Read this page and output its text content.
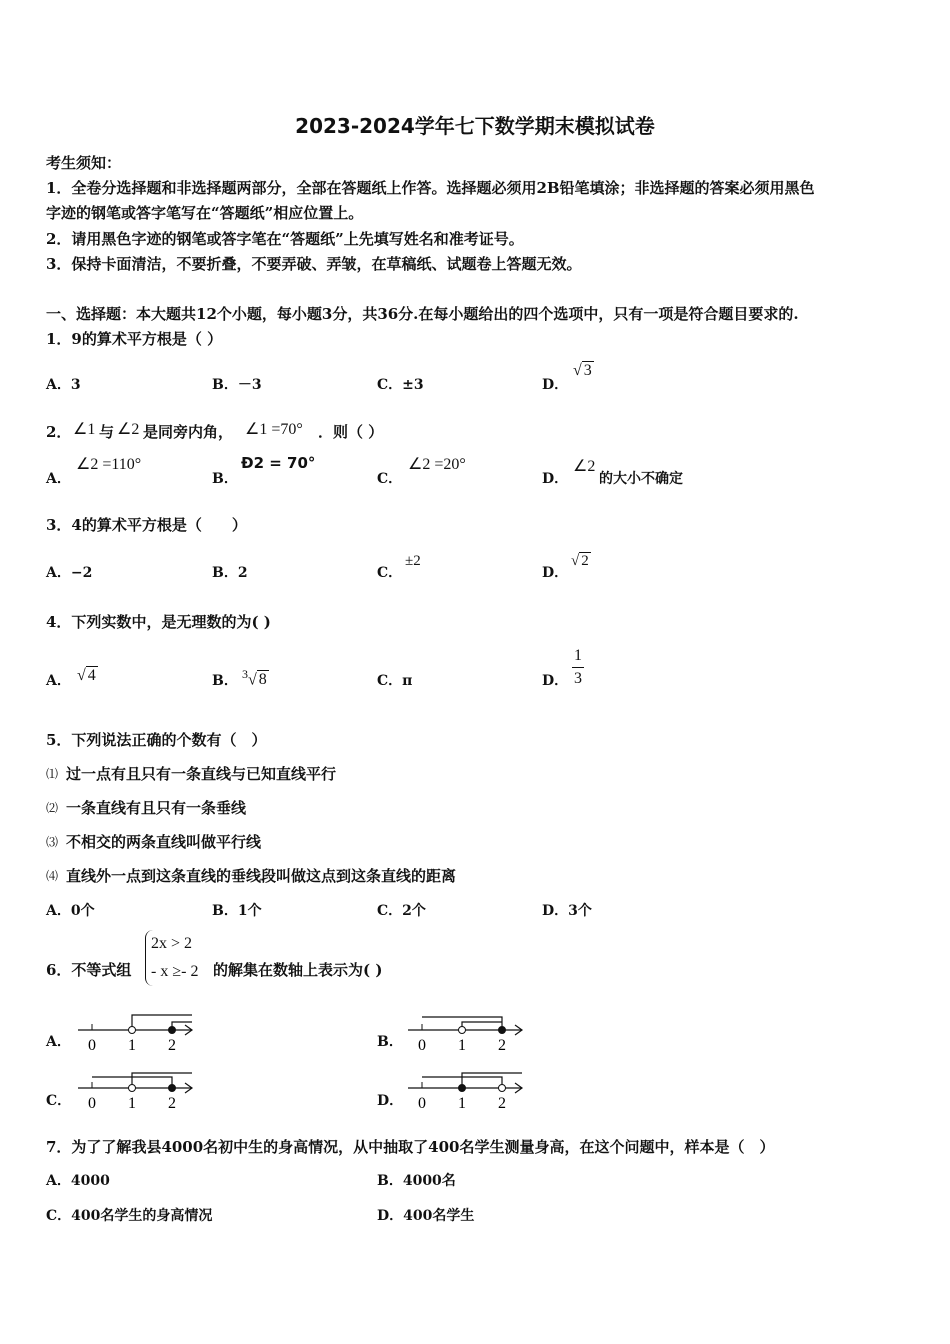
2023-2024学年七下数学期末模拟试卷
考生须知：
1．全卷分选择题和非选择题两部分，全部在答题纸上作答。选择题必须用2B铅笔填涂；非选择题的答案必须用黑色
字迹的钢笔或答字笔写在“答题纸”相应位置上。
2．请用黑色字迹的钢笔或答字笔在“答题纸”上先填写姓名和准考证号。
3．保持卡面清洁，不要折叠，不要弄破、弄皱，在草稿纸、试题卷上答题无效。
一、选择题：本大题共12个小题，每小题3分，共36分.在每小题给出的四个选项中，只有一项是符合题目要求的.
1．9的算术平方根是（ ）
A．3	B．－3	C．±3	D．
√ 3
2． ∠1 与 ∠2 是同旁内角， ∠1 =70° ．则（ ）
A．
∠2 =110°
B．
Ð2 = 70°
C．
∠2 =20°
D．
∠2
的大小不确定
3．4的算术平方根是（　　）
A．−2	B．2	C．
±2
D．
√ 2
4．下列实数中，是无理数的为( )
A． √ 4	B． $^3$√ 8	C．π	D． $\frac{1}{3}$
5．下列说法正确的个数有（　）
⑴ 过一点有且只有一条直线与已知直线平行
⑵ 一条直线有且只有一条垂线
⑶ 不相交的两条直线叫做平行线
⑷ 直线外一点到这条直线的垂线段叫做这点到这条直线的距离
A．0个	B．1个	C．2个	D．3个
6．不等式组
2x > 2
- x ≥- 2 的解集在数轴上表示为( )
A．	B．
C．	D．
0 1 2	0 1 2
0 1 2	0 1 2
7．为了了解我县4000名初中生的身高情况，从中抽取了400名学生测量身高，在这个问题中，样本是（　）
A．4000	B．4000名
C．400名学生的身高情况	D．400名学生
